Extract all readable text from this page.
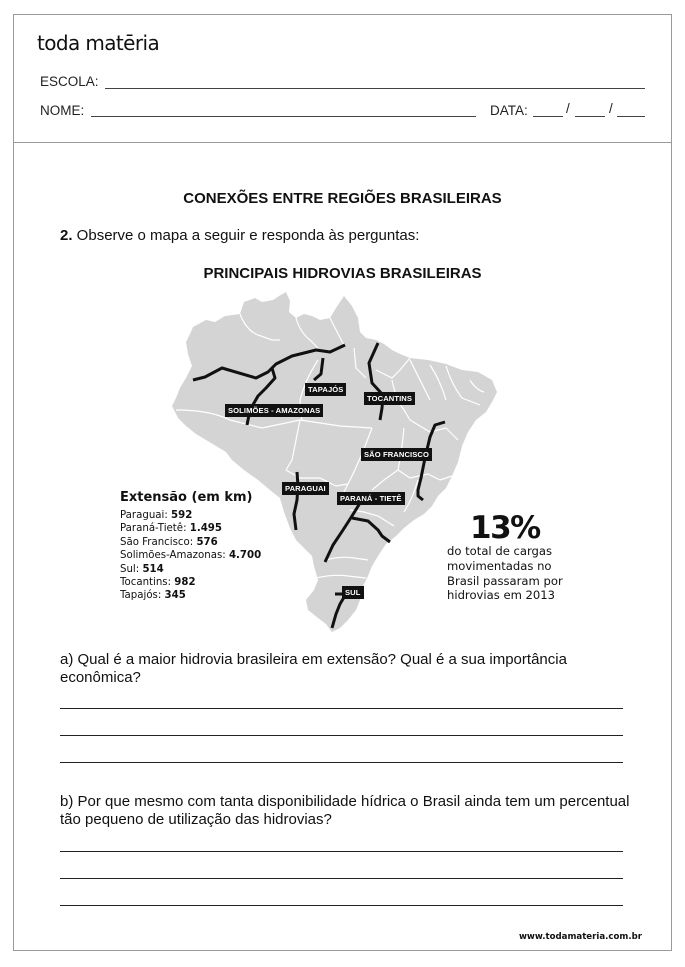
toda matēria
ESCOLA:
NOME:	DATA:	/	/
CONEXÕES ENTRE REGIÕES BRASILEIRAS
2. Observe o mapa a seguir e responda às perguntas:
PRINCIPAIS HIDROVIAS BRASILEIRAS
TAPAJÓS
TOCANTINS
SOLIMÕES - AMAZONAS
SÃO FRANCISCO
PARAGUAI
PARANÁ - TIETÊ
SUL
Extensão (em km)
Paraguai: 592
Paraná-Tietê: 1.495
São Francisco: 576
Solimões-Amazonas: 4.700
Sul: 514
Tocantins: 982
Tapajós: 345
13%
do total de cargas movimentadas no Brasil passaram por hidrovias em 2013
a) Qual é a maior hidrovia brasileira em extensão? Qual é a sua importância econômica?
b) Por que mesmo com tanta disponibilidade hídrica o Brasil ainda tem um percentual tão pequeno de utilização das hidrovias?
www.todamateria.com.br
